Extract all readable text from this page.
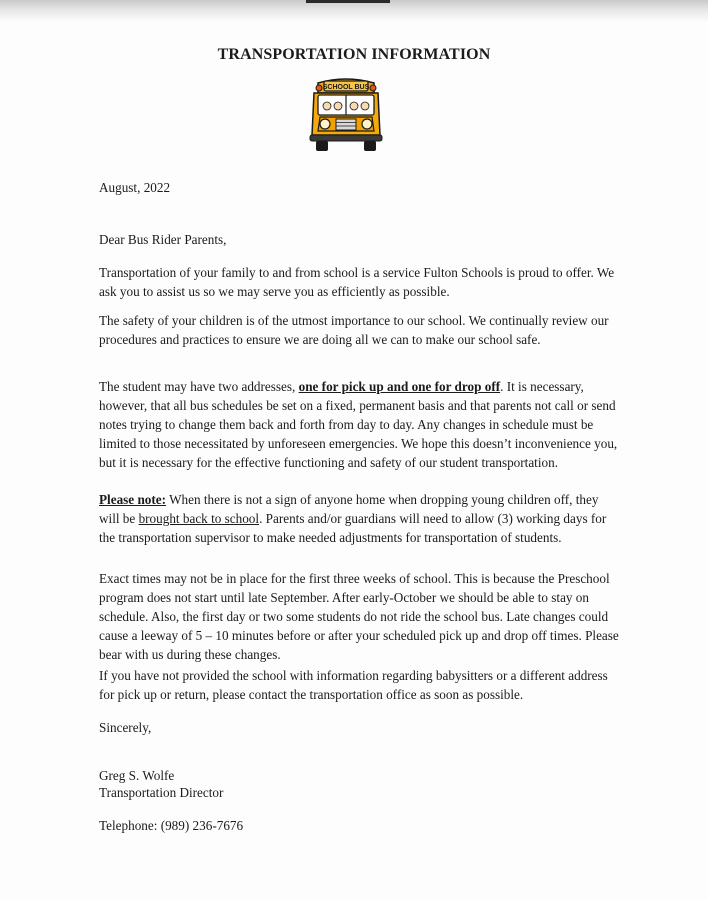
TRANSPORTATION INFORMATION
SCHOOL BUS
August, 2022
Dear Bus Rider Parents,

Transportation of your family to and from school is a service Fulton Schools is proud to offer. We ask you to assist us so we may serve you as efficiently as possible.

The safety of your children is of the utmost importance to our school. We continually review our procedures and practices to ensure we are doing all we can to make our school safe.

The student may have two addresses, one for pick up and one for drop off. It is necessary, however, that all bus schedules be set on a fixed, permanent basis and that parents not call or send notes trying to change them back and forth from day to day. Any changes in schedule must be limited to those necessitated by unforeseen emergencies. We hope this doesn’t inconvenience you, but it is necessary for the effective functioning and safety of our student transportation.

Please note: When there is not a sign of anyone home when dropping young children off, they will be brought back to school. Parents and/or guardians will need to allow (3) working days for the transportation supervisor to make needed adjustments for transportation of students.

Exact times may not be in place for the first three weeks of school. This is because the Preschool program does not start until late September. After early-October we should be able to stay on schedule. Also, the first day or two some students do not ride the school bus. Late changes could cause a leeway of 5 – 10 minutes before or after your scheduled pick up and drop off times. Please bear with us during these changes.

If you have not provided the school with information regarding babysitters or a different address for pick up or return, please contact the transportation office as soon as possible.

Sincerely,
Greg S. Wolfe
Transportation Director
Telephone: (989) 236-7676
